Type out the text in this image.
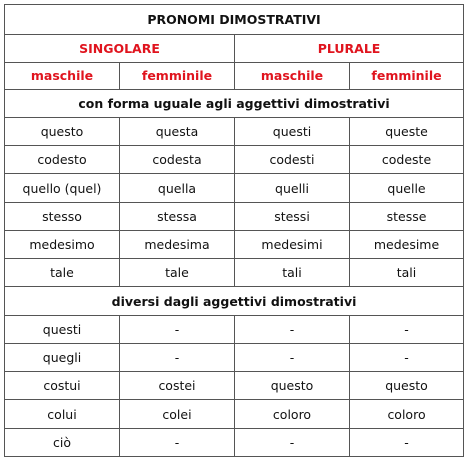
PRONOMI DIMOSTRATIVI			
SINGOLARE		PLURALE	
maschile	femminile	maschile	femminile
con forma uguale agli aggettivi dimostrativi			
questo	questa	questi	queste
codesto	codesta	codesti	codeste
quello (quel)	quella	quelli	quelle
stesso	stessa	stessi	stesse
medesimo	medesima	medesimi	medesime
tale	tale	tali	tali
diversi dagli aggettivi dimostrativi			
questi	-	-	-
quegli	-	-	-
costui	costei	questo	questo
colui	colei	coloro	coloro
ciò	-	-	-
